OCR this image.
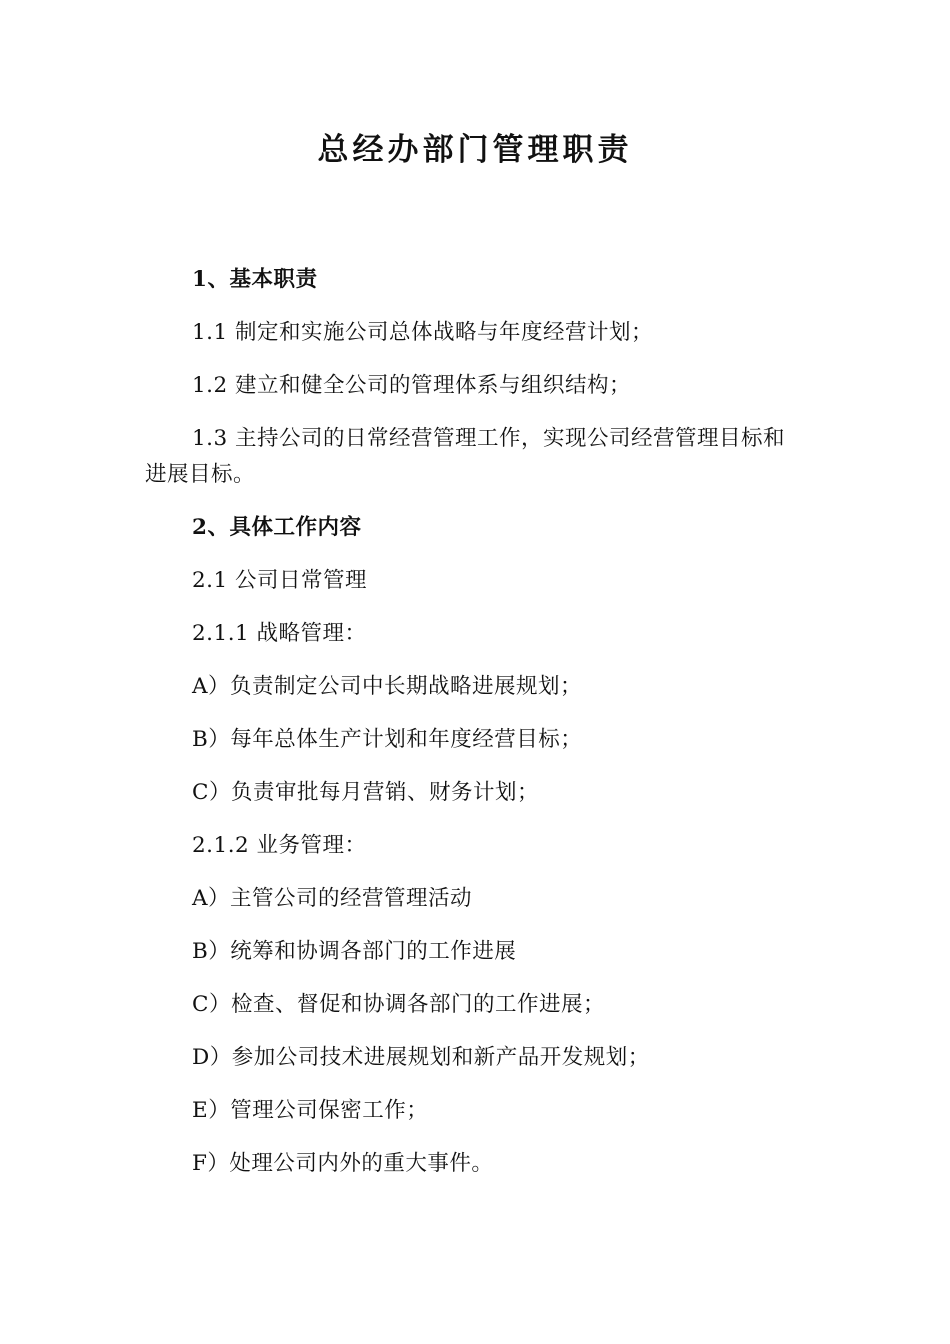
总经办部门管理职责

1、基本职责

1.1 制定和实施公司总体战略与年度经营计划；

1.2 建立和健全公司的管理体系与组织结构；

1.3 主持公司的日常经营管理工作，实现公司经营管理目标和进展目标。

2、具体工作内容

2.1 公司日常管理

2.1.1 战略管理：

A）负责制定公司中长期战略进展规划；

B）每年总体生产计划和年度经营目标；

C）负责审批每月营销、财务计划；

2.1.2 业务管理：

A）主管公司的经营管理活动

B）统筹和协调各部门的工作进展

C）检查、督促和协调各部门的工作进展；

D）参加公司技术进展规划和新产品开发规划；

E）管理公司保密工作；

F）处理公司内外的重大事件。
